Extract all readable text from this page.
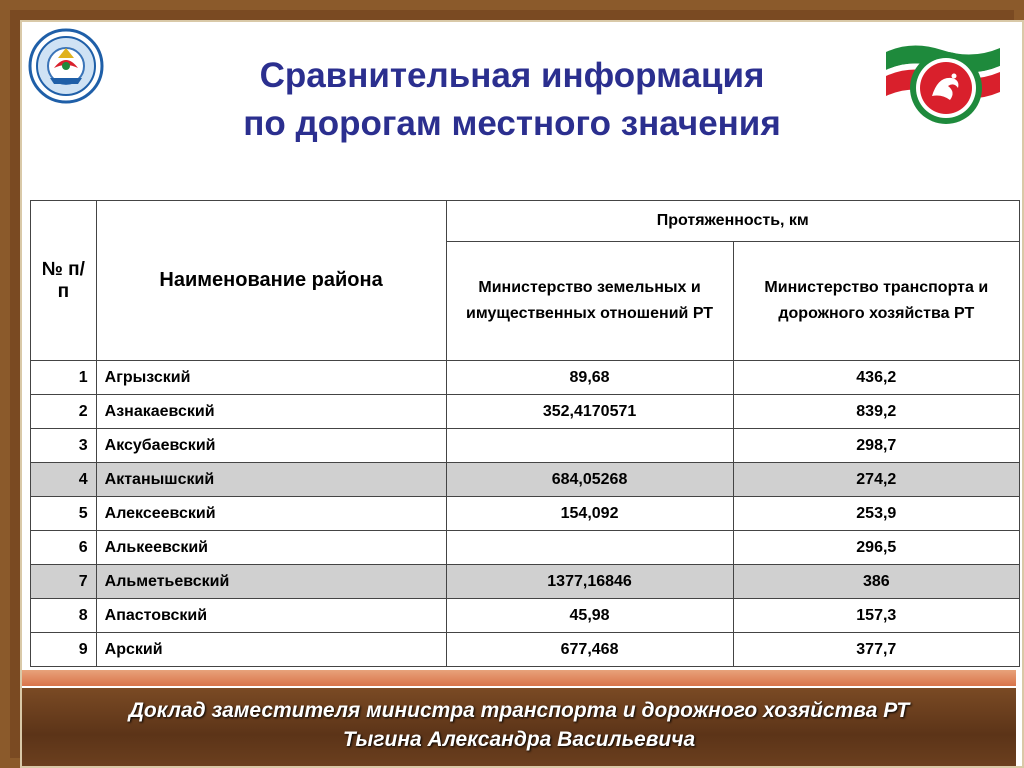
Сравнительная информация
по дорогам местного значения
№ п/п	Наименование района	Протяженность, км	
		Министерство земельных и имущественных отношений РТ	Министерство транспорта и дорожного хозяйства РТ
1	Агрызский	89,68	436,2
2	Азнакаевский	352,4170571	839,2
3	Аксубаевский		298,7
4	Актанышский	684,05268	274,2
5	Алексеевский	154,092	253,9
6	Алькеевский		296,5
7	Альметьевский	1377,16846	386
8	Апастовский	45,98	157,3
9	Арский	677,468	377,7
Доклад заместителя министра транспорта и дорожного хозяйства РТ
Тыгина Александра Васильевича
